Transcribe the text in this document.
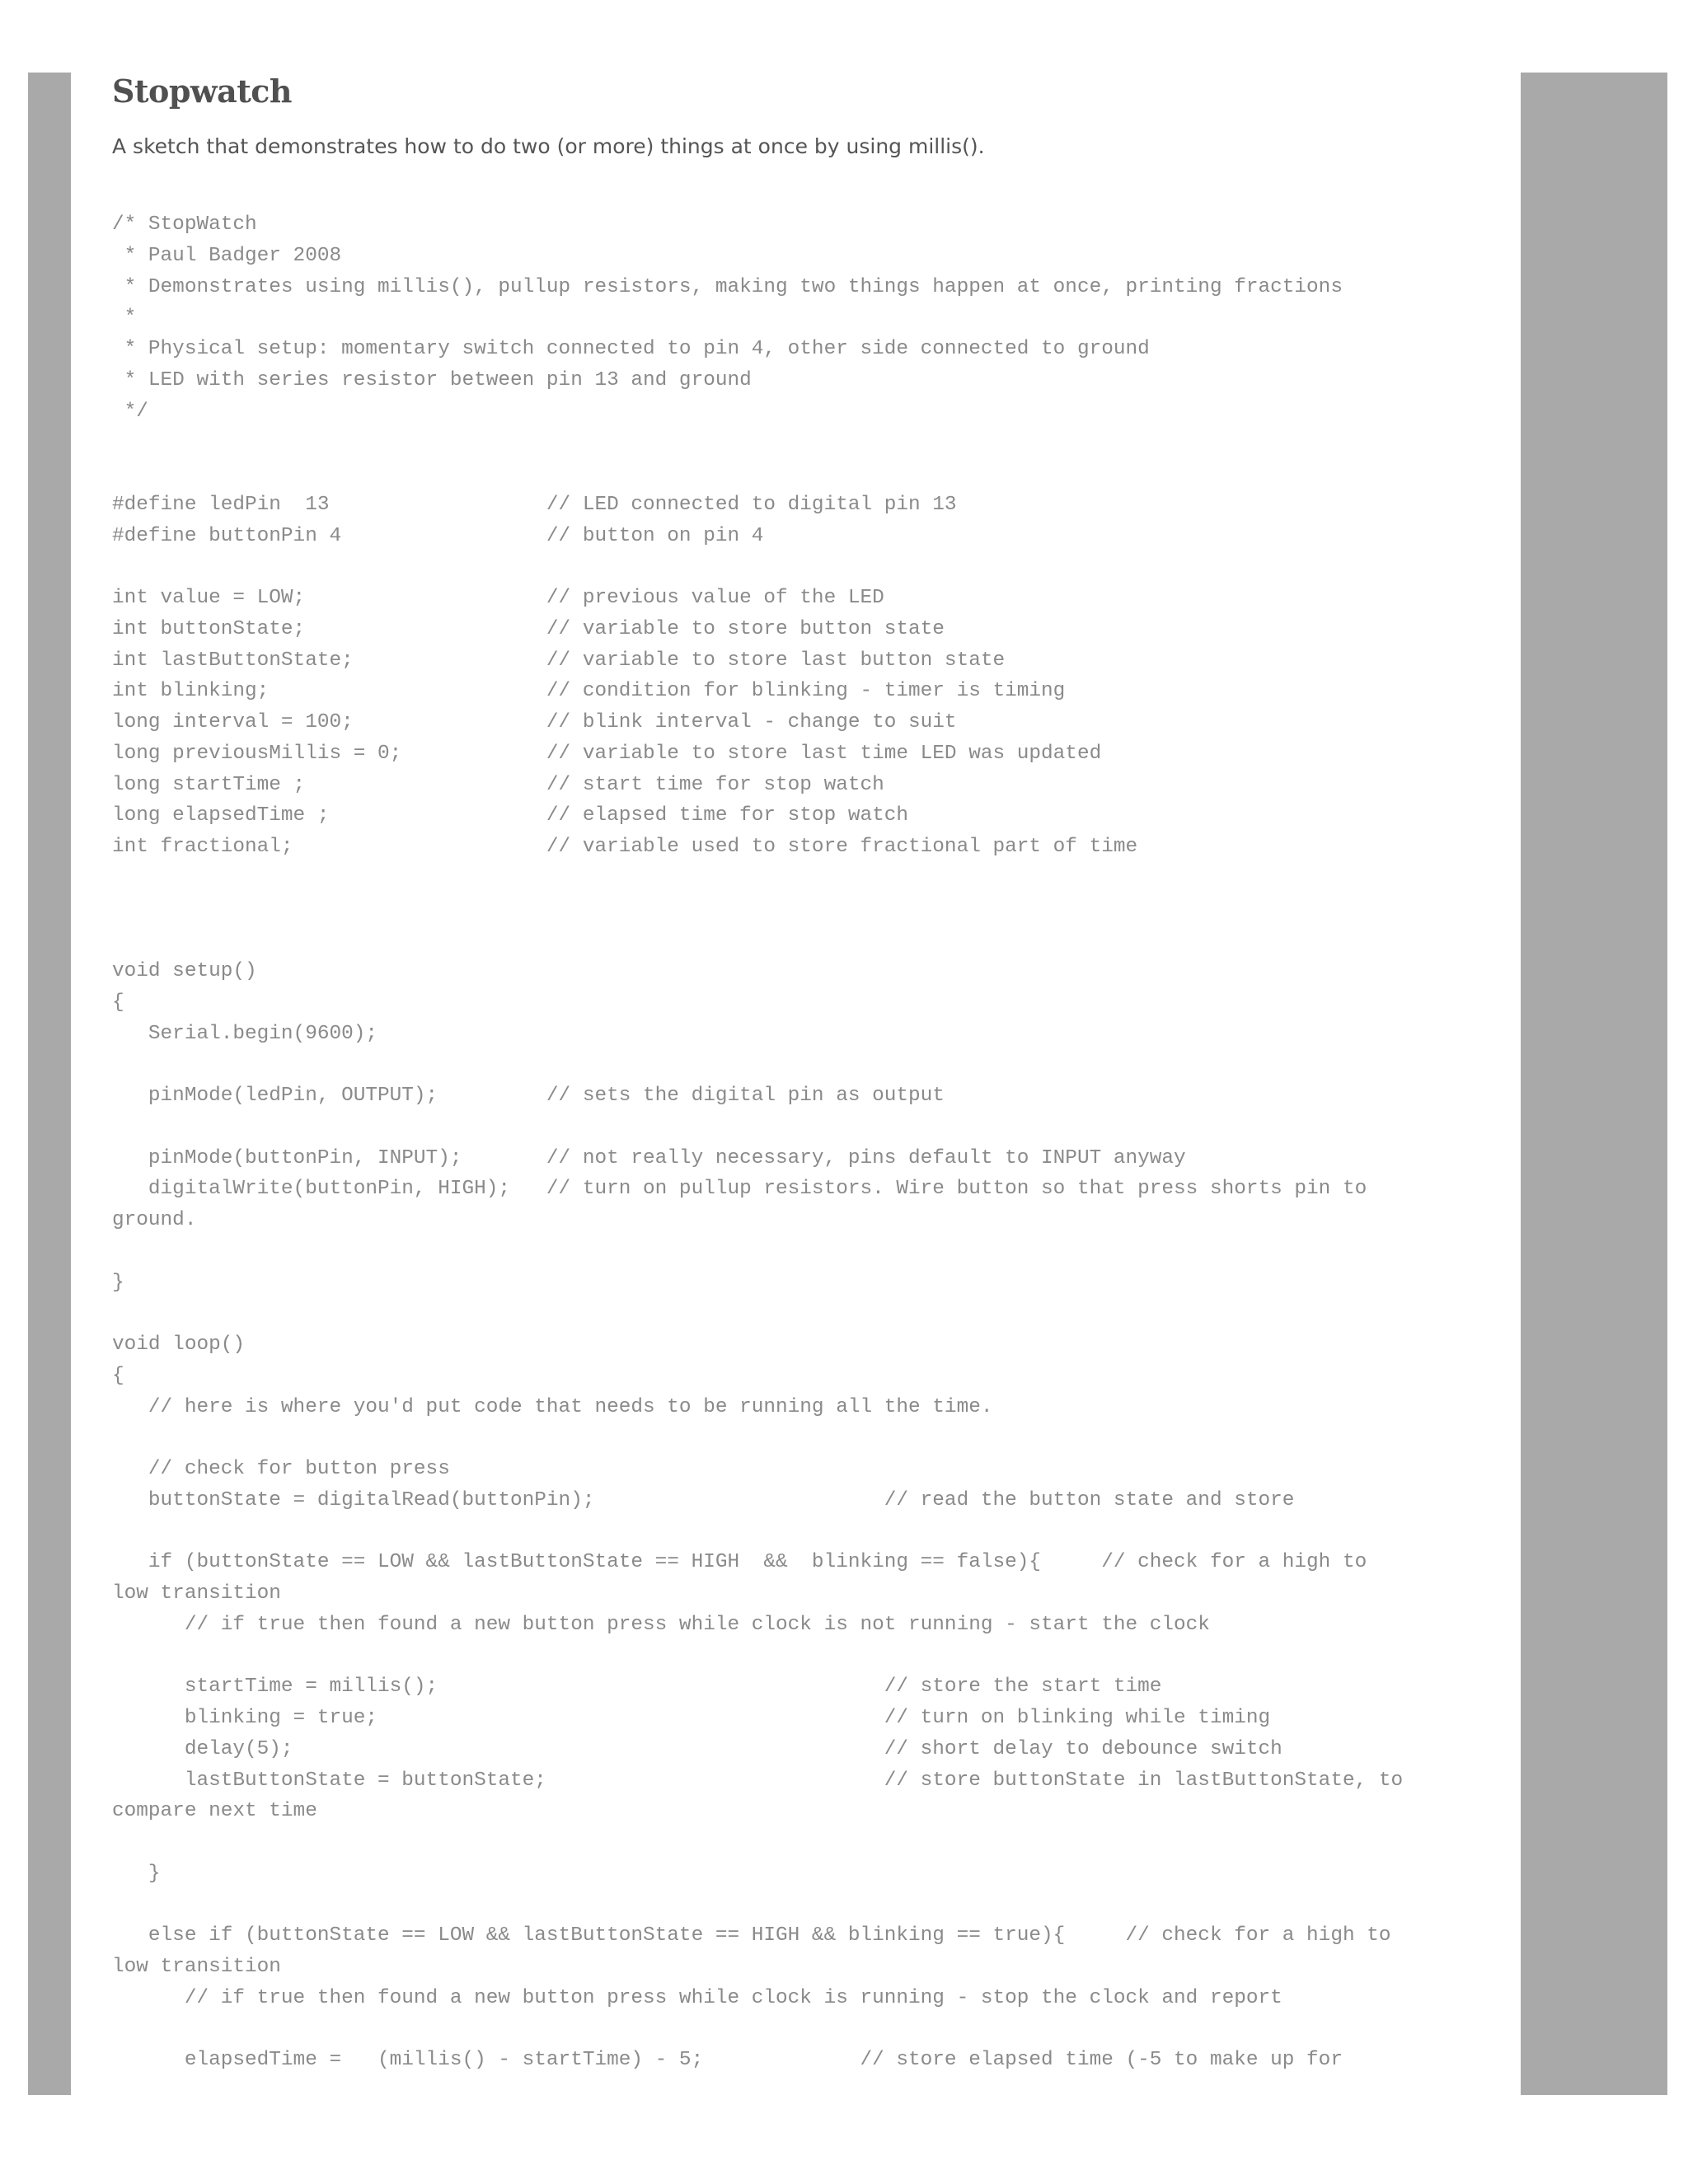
Stopwatch

A sketch that demonstrates how to do two (or more) things at once by using millis().

/* StopWatch
* Paul Badger 2008
* Demonstrates using millis(), pullup resistors, making two things happen at once, printing fractions
*
* Physical setup: momentary switch connected to pin 4, other side connected to ground
* LED with series resistor between pin 13 and ground
*/

#define ledPin  13                  // LED connected to digital pin 13
#define buttonPin 4                 // button on pin 4

int value = LOW;                    // previous value of the LED
int buttonState;                    // variable to store button state
int lastButtonState;                // variable to store last button state
int blinking;                       // condition for blinking - timer is timing
long interval = 100;                // blink interval - change to suit
long previousMillis = 0;            // variable to store last time LED was updated
long startTime ;                    // start time for stop watch
long elapsedTime ;                  // elapsed time for stop watch
int fractional;                     // variable used to store fractional part of time

void setup()
{
Serial.begin(9600);

pinMode(ledPin, OUTPUT);         // sets the digital pin as output

pinMode(buttonPin, INPUT);       // not really necessary, pins default to INPUT anyway
digitalWrite(buttonPin, HIGH);   // turn on pullup resistors. Wire button so that press shorts pin to
ground.

}

void loop()
{
// here is where you'd put code that needs to be running all the time.

// check for button press
buttonState = digitalRead(buttonPin);                        // read the button state and store

if (buttonState == LOW && lastButtonState == HIGH  &&  blinking == false){     // check for a high to
low transition
// if true then found a new button press while clock is not running - start the clock

startTime = millis();                                     // store the start time
blinking = true;                                          // turn on blinking while timing
delay(5);                                                 // short delay to debounce switch
lastButtonState = buttonState;                            // store buttonState in lastButtonState, to
compare next time

}

else if (buttonState == LOW && lastButtonState == HIGH && blinking == true){     // check for a high to
low transition
// if true then found a new button press while clock is running - stop the clock and report

elapsedTime =   (millis() - startTime) - 5;             // store elapsed time (-5 to make up for
